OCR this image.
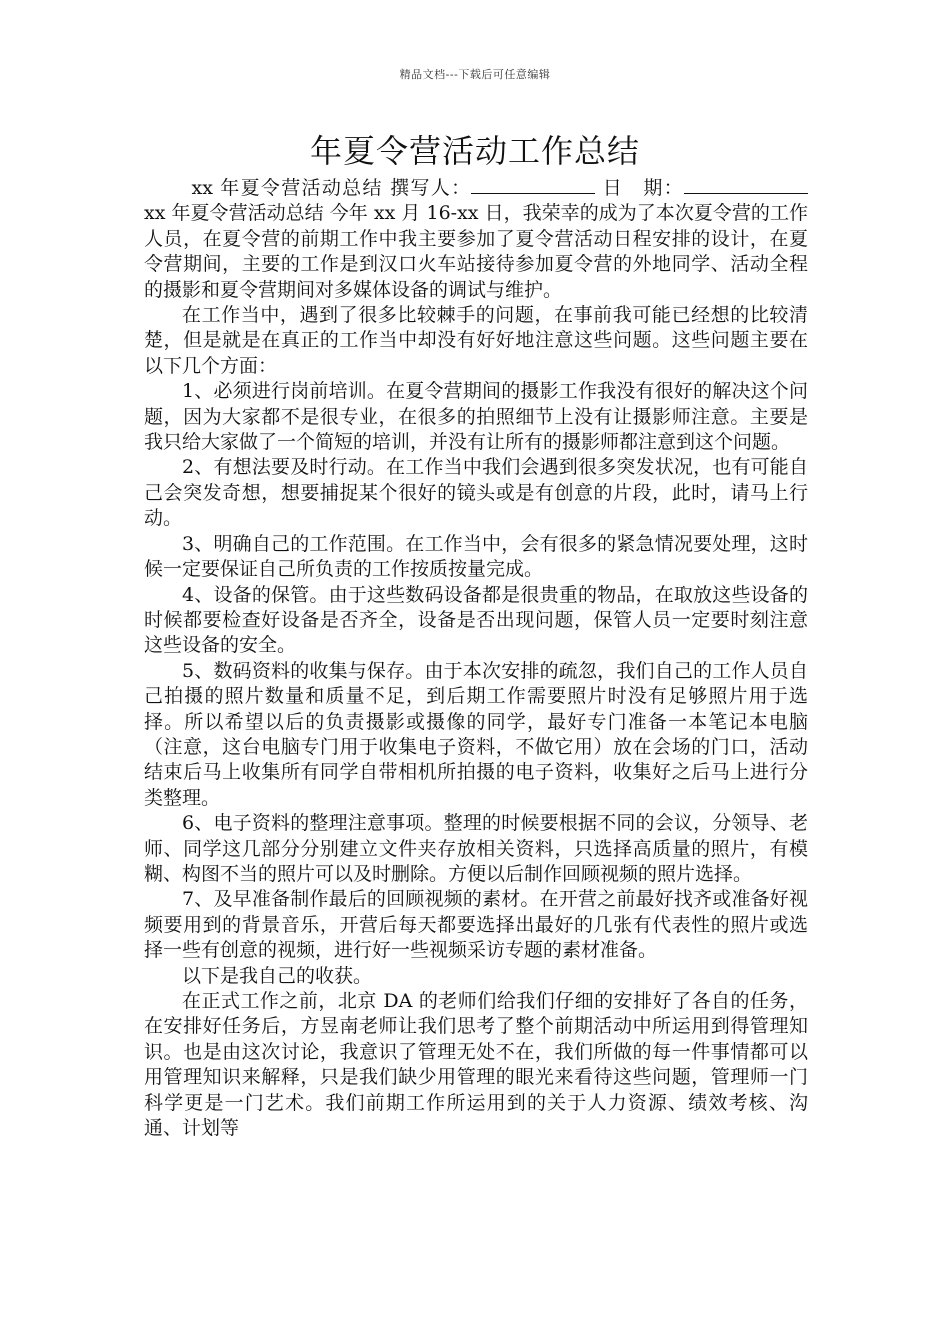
精品文档---下载后可任意编辑
年夏令营活动工作总结

xx 年夏令营活动总结 撰写人：	日　期：　xx 年夏令营活动总结 今年 xx 月 16-xx 日，我荣幸的成为了本次夏令营的工作人员，在夏令营的前期工作中我主要参加了夏令营活动日程安排的设计，在夏令营期间，主要的工作是到汉口火车站接待参加夏令营的外地同学、活动全程的摄影和夏令营期间对多媒体设备的调试与维护。

在工作当中，遇到了很多比较棘手的问题，在事前我可能已经想的比较清楚，但是就是在真正的工作当中却没有好好地注意这些问题。这些问题主要在以下几个方面：

1、必须进行岗前培训。在夏令营期间的摄影工作我没有很好的解决这个问题，因为大家都不是很专业，在很多的拍照细节上没有让摄影师注意。主要是我只给大家做了一个简短的培训，并没有让所有的摄影师都注意到这个问题。

2、有想法要及时行动。在工作当中我们会遇到很多突发状况，也有可能自己会突发奇想，想要捕捉某个很好的镜头或是有创意的片段，此时，请马上行动。

3、明确自己的工作范围。在工作当中，会有很多的紧急情况要处理，这时候一定要保证自己所负责的工作按质按量完成。

4、设备的保管。由于这些数码设备都是很贵重的物品，在取放这些设备的时候都要检查好设备是否齐全，设备是否出现问题，保管人员一定要时刻注意这些设备的安全。

5、数码资料的收集与保存。由于本次安排的疏忽，我们自己的工作人员自己拍摄的照片数量和质量不足，到后期工作需要照片时没有足够照片用于选择。所以希望以后的负责摄影或摄像的同学，最好专门准备一本笔记本电脑（注意，这台电脑专门用于收集电子资料，不做它用）放在会场的门口，活动结束后马上收集所有同学自带相机所拍摄的电子资料，收集好之后马上进行分类整理。

6、电子资料的整理注意事项。整理的时候要根据不同的会议，分领导、老师、同学这几部分分别建立文件夹存放相关资料，只选择高质量的照片，有模糊、构图不当的照片可以及时删除。方便以后制作回顾视频的照片选择。

7、及早准备制作最后的回顾视频的素材。在开营之前最好找齐或准备好视频要用到的背景音乐，开营后每天都要选择出最好的几张有代表性的照片或选择一些有创意的视频，进行好一些视频采访专题的素材准备。

以下是我自己的收获。

在正式工作之前，北京 DA 的老师们给我们仔细的安排好了各自的任务，在安排好任务后，方昱南老师让我们思考了整个前期活动中所运用到得管理知识。也是由这次讨论，我意识了管理无处不在，我们所做的每一件事情都可以用管理知识来解释，只是我们缺少用管理的眼光来看待这些问题，管理师一门科学更是一门艺术。我们前期工作所运用到的关于人力资源、绩效考核、沟通、计划等
